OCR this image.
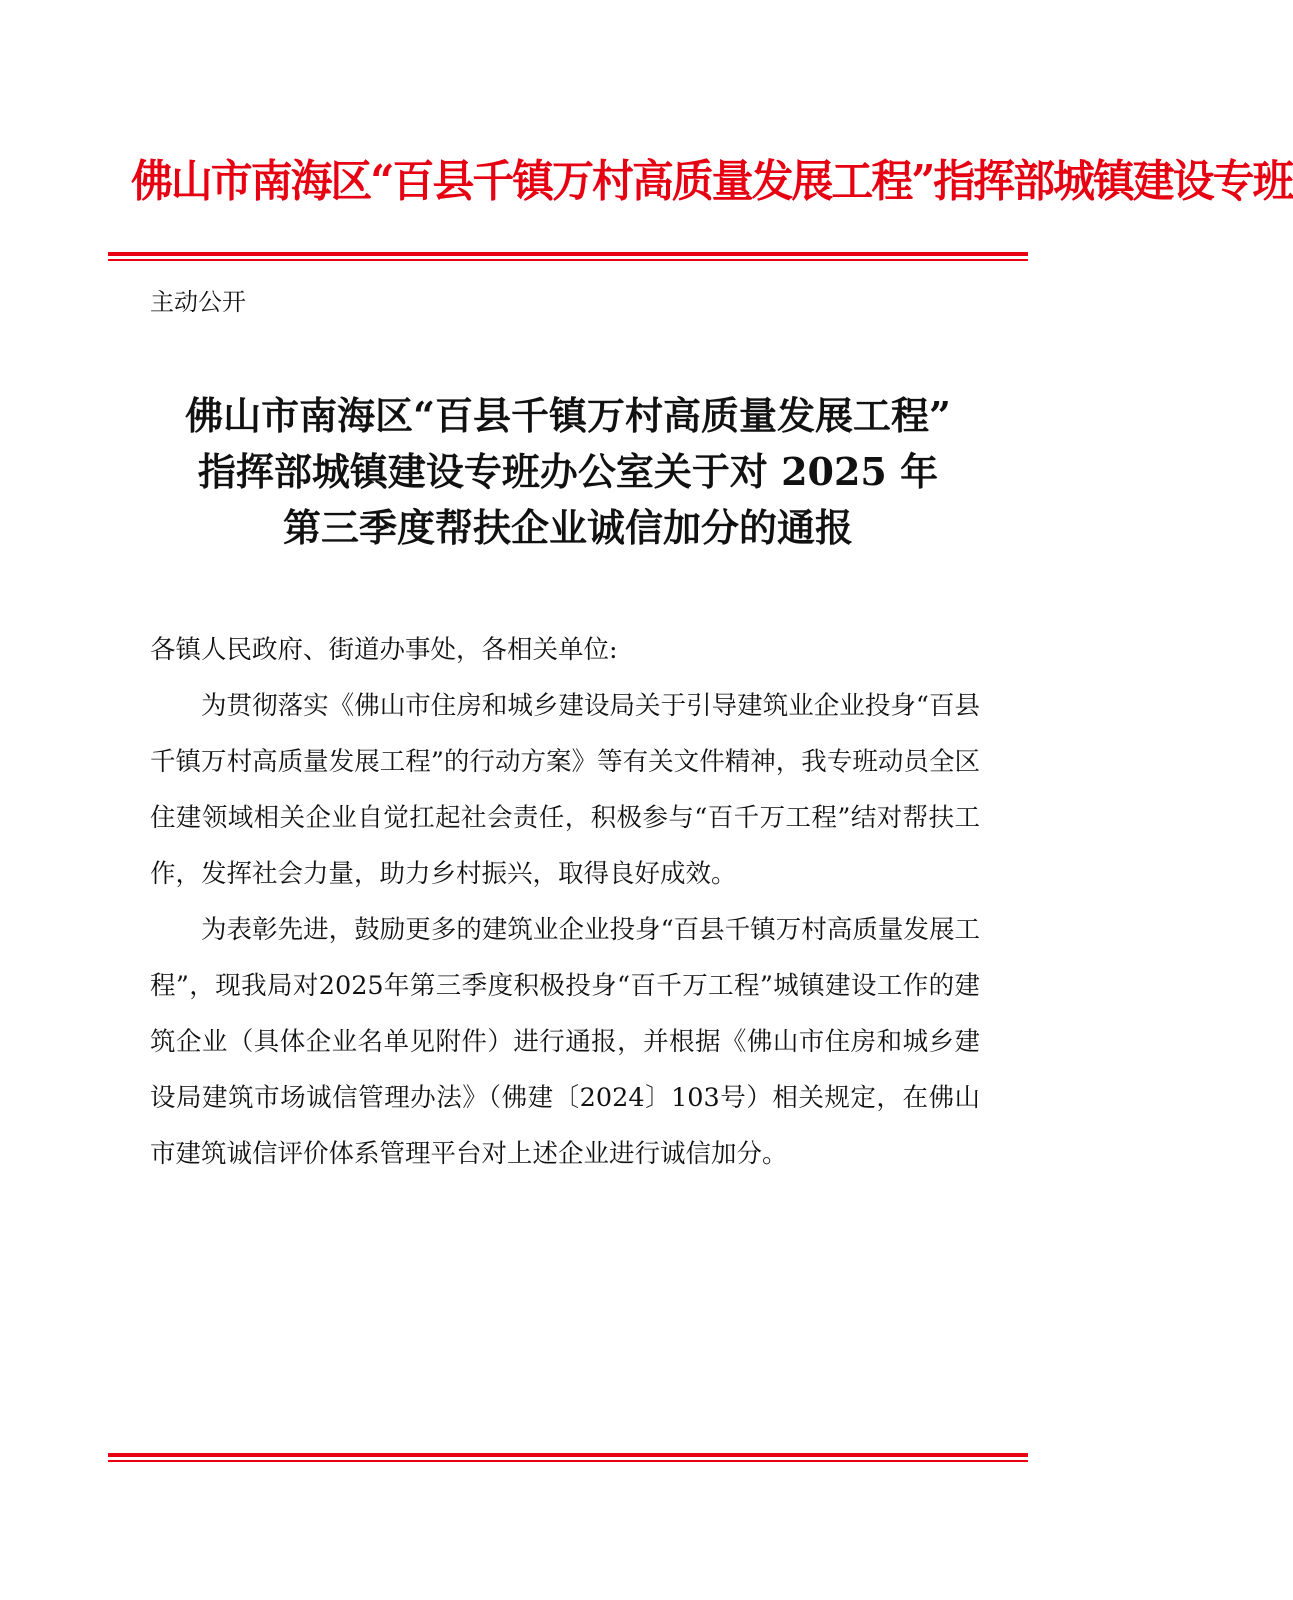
佛山市南海区“百县千镇万村高质量发展工程”指挥部城镇建设专班
主动公开
佛山市南海区“百县千镇万村高质量发展工程”
指挥部城镇建设专班办公室关于对 2025 年
第三季度帮扶企业诚信加分的通报

各镇人民政府、街道办事处，各相关单位:

为贯彻落实《佛山市住房和城乡建设局关于引导建筑业企业投身“百县千镇万村高质量发展工程”的行动方案》等有关文件精神，我专班动员全区住建领域相关企业自觉扛起社会责任，积极参与“百千万工程”结对帮扶工作，发挥社会力量，助力乡村振兴，取得良好成效。

为表彰先进，鼓励更多的建筑业企业投身“百县千镇万村高质量发展工程”，现我局对2025年第三季度积极投身“百千万工程”城镇建设工作的建筑企业（具体企业名单见附件）进行通报，并根据《佛山市住房和城乡建设局建筑市场诚信管理办法》（佛建〔2024〕103号）相关规定，在佛山市建筑诚信评价体系管理平台对上述企业进行诚信加分。
